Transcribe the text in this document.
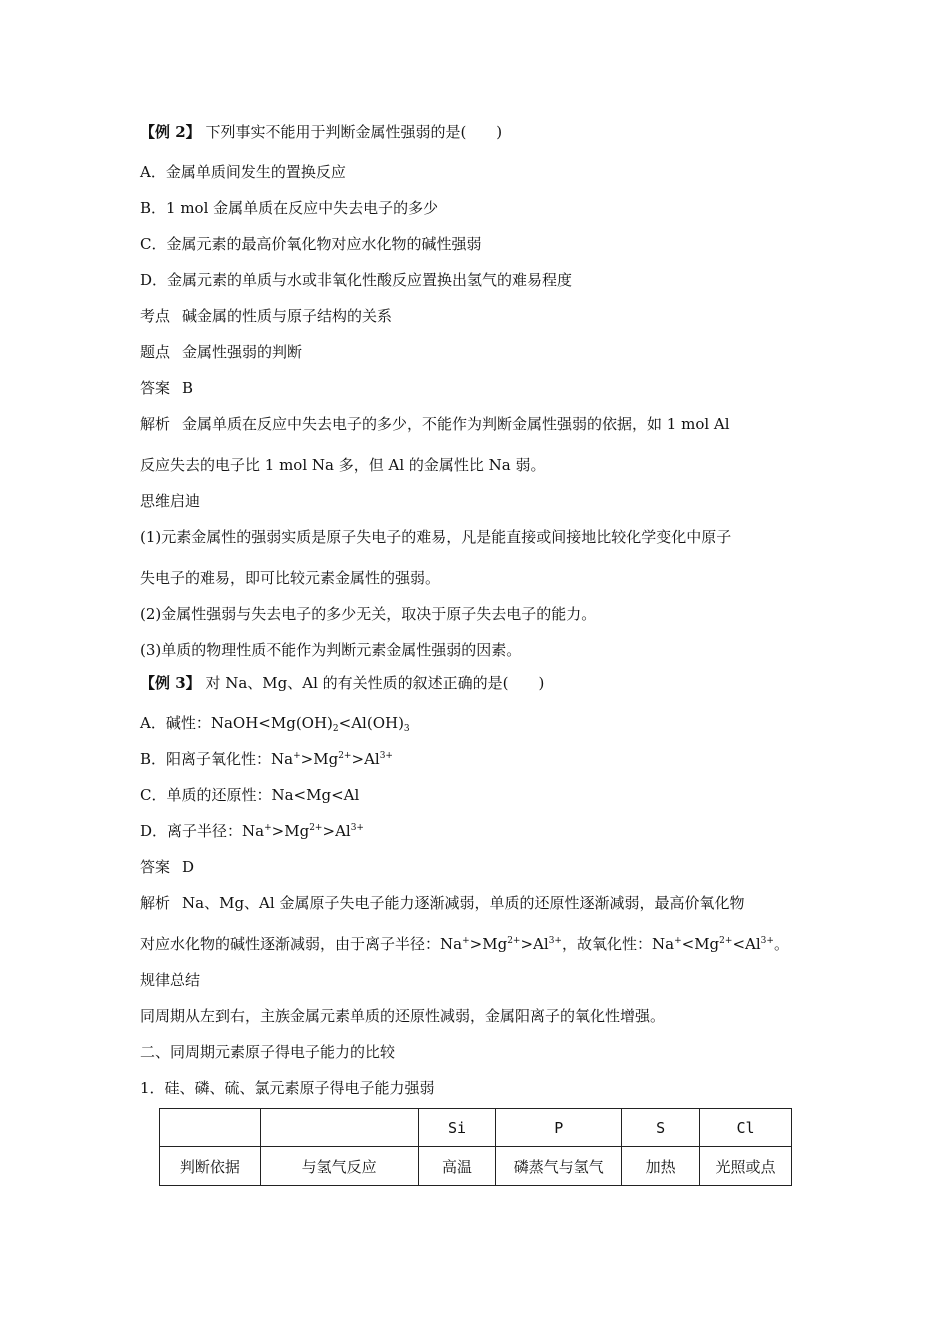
【例 2】 下列事实不能用于判断金属性强弱的是(　　)
A．金属单质间发生的置换反应
B．1 mol 金属单质在反应中失去电子的多少
C．金属元素的最高价氧化物对应水化物的碱性强弱
D．金属元素的单质与水或非氧化性酸反应置换出氢气的难易程度
考点 碱金属的性质与原子结构的关系
题点 金属性强弱的判断
答案 B
解析 金属单质在反应中失去电子的多少，不能作为判断金属性强弱的依据，如 1 mol Al
反应失去的电子比 1 mol Na 多，但 Al 的金属性比 Na 弱。
思维启迪
(1)元素金属性的强弱实质是原子失电子的难易，凡是能直接或间接地比较化学变化中原子
失电子的难易，即可比较元素金属性的强弱。
(2)金属性强弱与失去电子的多少无关，取决于原子失去电子的能力。
(3)单质的物理性质不能作为判断元素金属性强弱的因素。
【例 3】 对 Na、Mg、Al 的有关性质的叙述正确的是(　　)
A．碱性：$NaOH<Mg(OH)_2<Al(OH)_3$
B．阳离子氧化性：$Na^+>Mg^{2+}>Al^{3+}$
C．单质的还原性：Na<Mg<Al
D．离子半径：$Na^+>Mg^{2+}>Al^{3+}$
答案 D
解析 Na、Mg、Al 金属原子失电子能力逐渐减弱，单质的还原性逐渐减弱，最高价氧化物
对应水化物的碱性逐渐减弱，由于离子半径：$Na^+>Mg^{2+}>Al^{3+}$，故氧化性：$Na^+<Mg^{2+}<Al^{3+}$。
规律总结
同周期从左到右，主族金属元素单质的还原性减弱，金属阳离子的氧化性增强。
二、同周期元素原子得电子能力的比较
1．硅、磷、硫、氯元素原子得电子能力强弱
		Si	P	S	Cl
判断依据	与氢气反应	高温	磷蒸气与氢气	加热	光照或点
